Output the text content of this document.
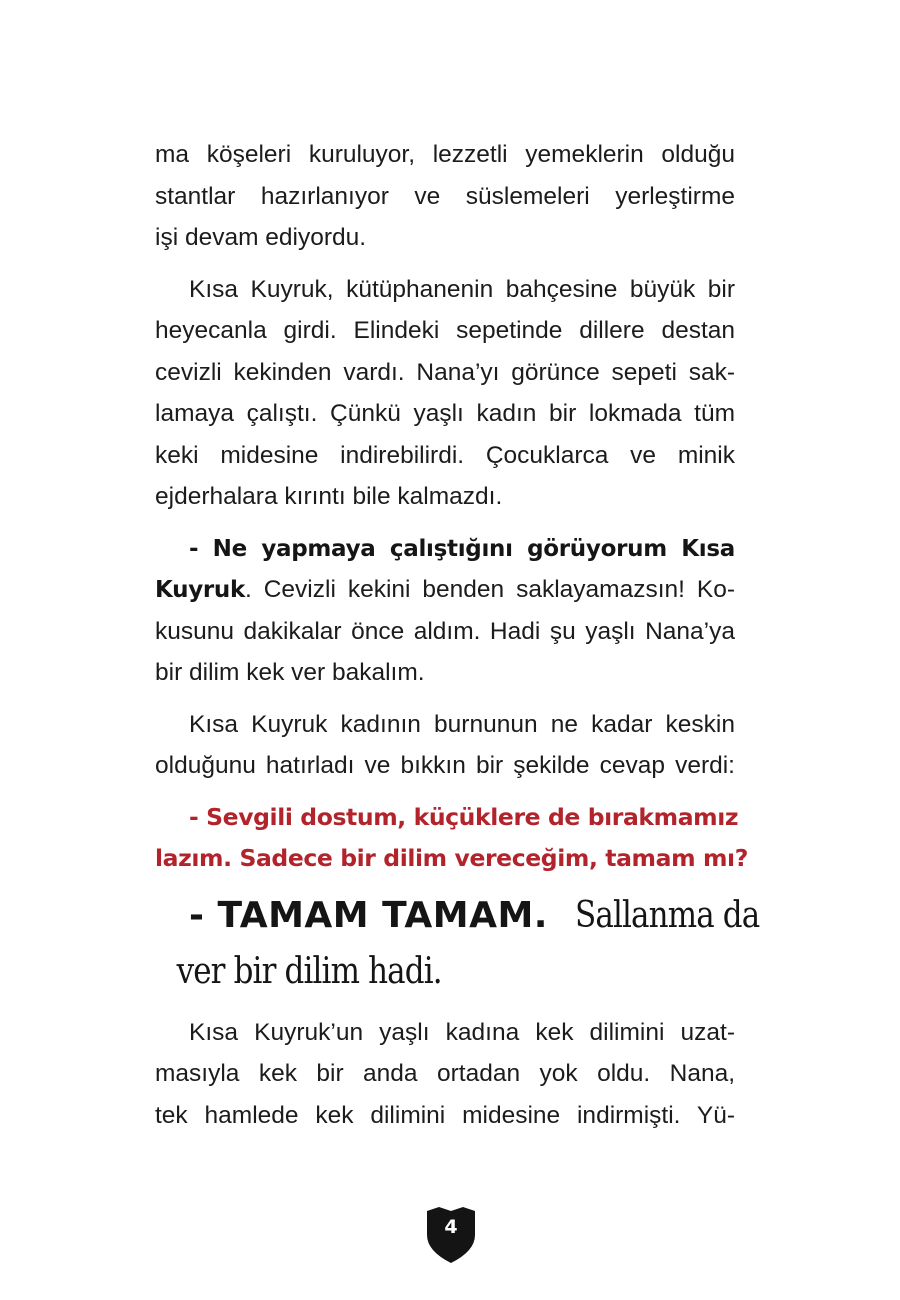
ma köşeleri kuruluyor, lezzetli yemeklerin olduğu
stantlar hazırlanıyor ve süslemeleri yerleştirme
işi devam ediyordu.
Kısa Kuyruk, kütüphanenin bahçesine büyük bir
heyecanla girdi. Elindeki sepetinde dillere destan
cevizli kekinden vardı. Nana’yı görünce sepeti sak-
lamaya çalıştı. Çünkü yaşlı kadın bir lokmada tüm
keki midesine indirebilirdi. Çocuklarca ve minik
ejderhalara kırıntı bile kalmazdı.
- Ne yapmaya çalıştığını görüyorum Kısa
Kuyruk. Cevizli kekini benden saklayamazsın! Ko-
kusunu dakikalar önce aldım. Hadi şu yaşlı Nana’ya
bir dilim kek ver bakalım.
Kısa Kuyruk kadının burnunun ne kadar keskin
olduğunu hatırladı ve bıkkın bir şekilde cevap verdi:
- Sevgili dostum, küçüklere de bırakmamız
lazım. Sadece bir dilim vereceğim, tamam mı?
- TAMAM TAMAM. Sallanma da
ver bir dilim hadi.
Kısa Kuyruk’un yaşlı kadına kek dilimini uzat-
masıyla kek bir anda ortadan yok oldu. Nana,
tek hamlede kek dilimini midesine indirmişti. Yü-
4
